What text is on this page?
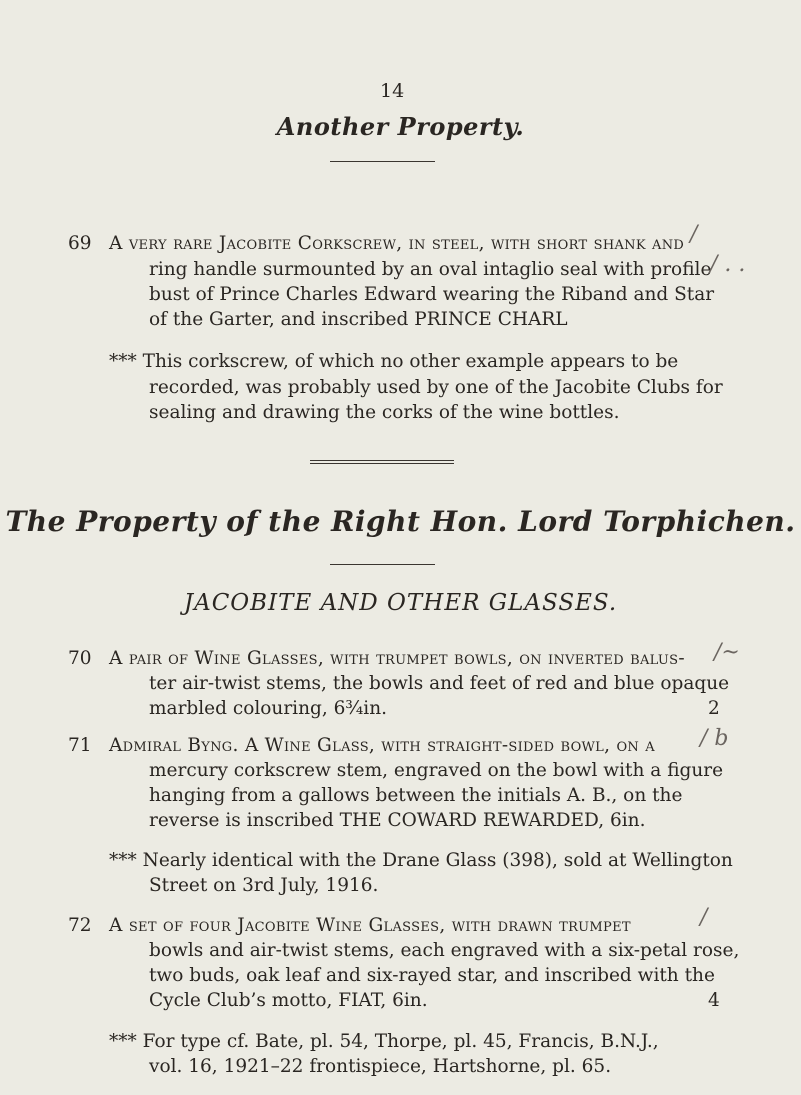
14
Another Property.
69 A very rare Jacobite Corkscrew, in steel, with short shank and
ring handle surmounted by an oval intaglio seal with profile
bust of Prince Charles Edward wearing the Riband and Star
of the Garter, and inscribed PRINCE CHARL
/
/ . .
*** This corkscrew, of which no other example appears to be
recorded, was probably used by one of the Jacobite Clubs for
sealing and drawing the corks of the wine bottles.
The Property of the Right Hon. Lord Torphichen.
JACOBITE AND OTHER GLASSES.
70 A pair of Wine Glasses, with trumpet bowls, on inverted balus-
ter air-twist stems, the bowls and feet of red and blue opaque
marbled colouring, 6¾in.	2
/~
71 Admiral Byng. A Wine Glass, with straight-sided bowl, on a
mercury corkscrew stem, engraved on the bowl with a figure
hanging from a gallows between the initials A. B., on the
reverse is inscribed THE COWARD REWARDED, 6in.
/ b
*** Nearly identical with the Drane Glass (398), sold at Wellington
Street on 3rd July, 1916.
72 A set of four Jacobite Wine Glasses, with drawn trumpet
bowls and air-twist stems, each engraved with a six-petal rose,
two buds, oak leaf and six-rayed star, and inscribed with the
Cycle Club’s motto, FIAT, 6in.	4
/
*** For type cf. Bate, pl. 54, Thorpe, pl. 45, Francis, B.N.J.,
vol. 16, 1921–22 frontispiece, Hartshorne, pl. 65.
